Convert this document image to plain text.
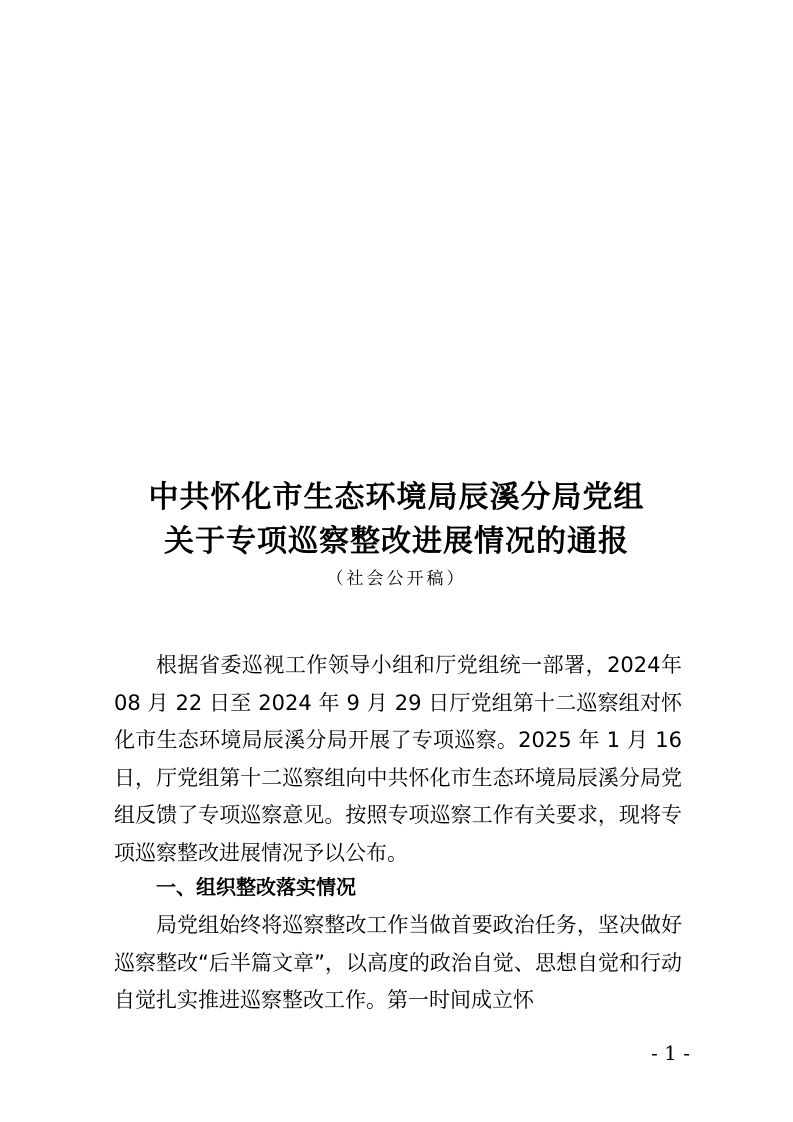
中共怀化市生态环境局辰溪分局党组
关于专项巡察整改进展情况的通报

（社会公开稿）

根据省委巡视工作领导小组和厅党组统一部署，2024年 08 月 22 日至 2024 年 9 月 29 日厅党组第十二巡察组对怀化市生态环境局辰溪分局开展了专项巡察。2025 年 1 月 16 日，厅党组第十二巡察组向中共怀化市生态环境局辰溪分局党组反馈了专项巡察意见。按照专项巡察工作有关要求，现将专项巡察整改进展情况予以公布。

一、组织整改落实情况

局党组始终将巡察整改工作当做首要政治任务，坚决做好巡察整改“后半篇文章”，以高度的政治自觉、思想自觉和行动自觉扎实推进巡察整改工作。第一时间成立怀

- 1 -
